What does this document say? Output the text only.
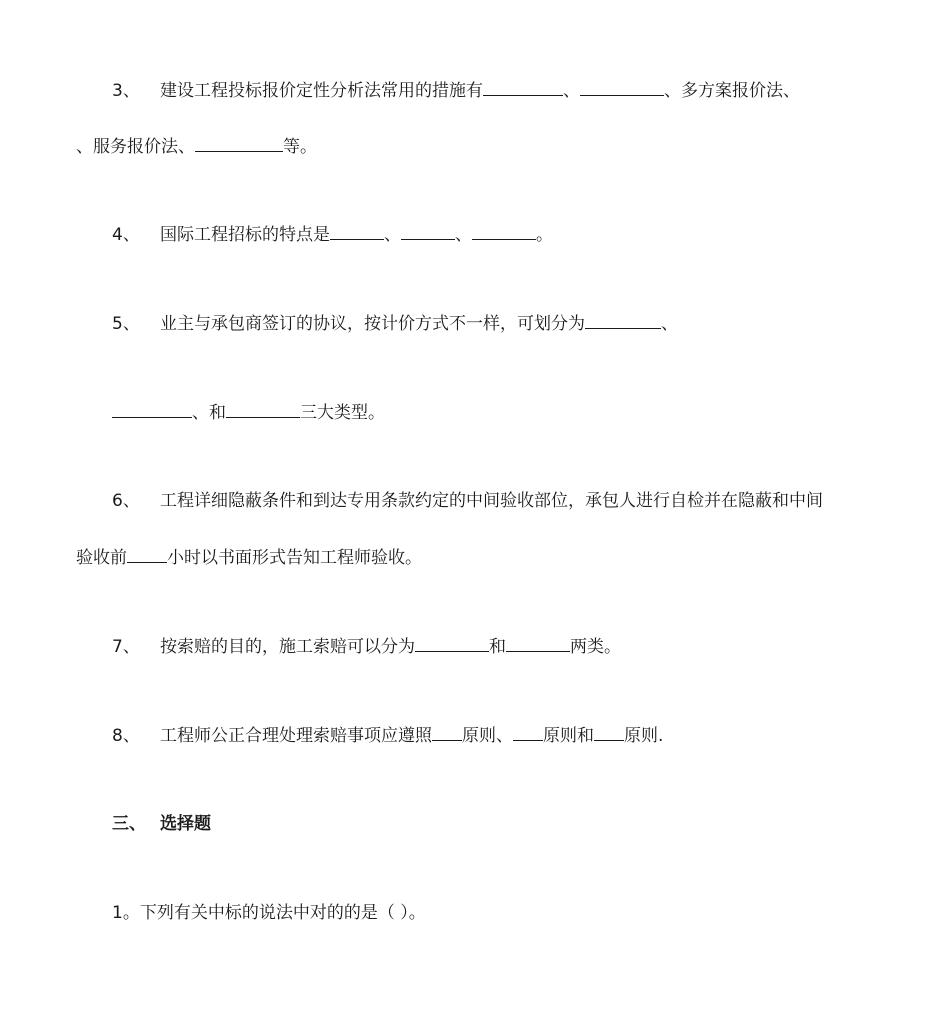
3、 建设工程投标报价定性分析法常用的措施有	、	、多方案报价法、
、服务报价法、	等。
4、 国际工程招标的特点是	、	、	。
5、 业主与承包商签订的协议，按计价方式不一样，可划分为	、
、和	三大类型。
6、 工程详细隐蔽条件和到达专用条款约定的中间验收部位，承包人进行自检并在隐蔽和中间
验收前 小时以书面形式告知工程师验收。
7、 按索赔的目的，施工索赔可以分为	和	两类。
8、 工程师公正合理处理索赔事项应遵照 原则、 原则和 原则.
三、 选择题
1。下列有关中标的说法中对的的是（ ）。
